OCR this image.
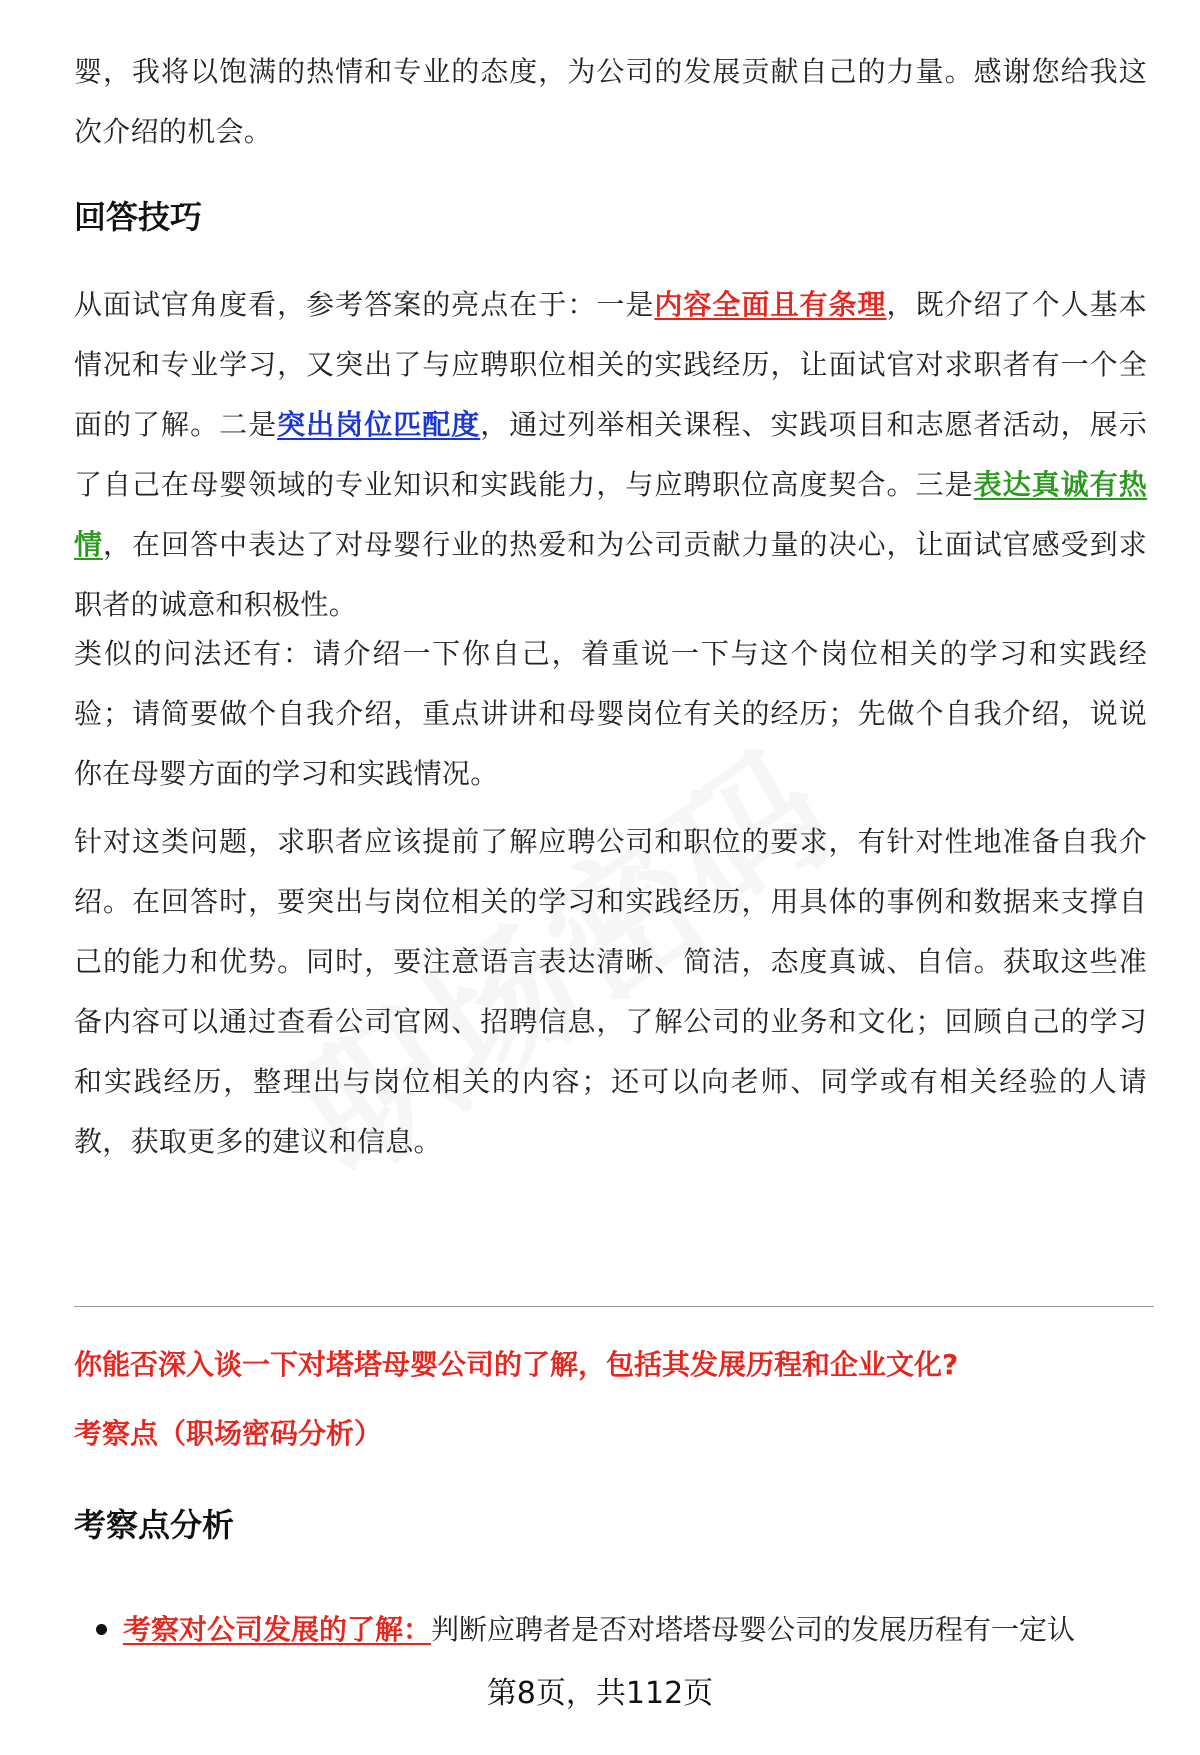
婴，我将以饱满的热情和专业的态度，为公司的发展贡献自己的力量。感谢您给我这次介绍的机会。

回答技巧

从面试官角度看，参考答案的亮点在于：一是内容全面且有条理，既介绍了个人基本情况和专业学习，又突出了与应聘职位相关的实践经历，让面试官对求职者有一个全面的了解。二是突出岗位匹配度，通过列举相关课程、实践项目和志愿者活动，展示了自己在母婴领域的专业知识和实践能力，与应聘职位高度契合。三是表达真诚有热情，在回答中表达了对母婴行业的热爱和为公司贡献力量的决心，让面试官感受到求职者的诚意和积极性。

类似的问法还有：请介绍一下你自己，着重说一下与这个岗位相关的学习和实践经验；请简要做个自我介绍，重点讲讲和母婴岗位有关的经历；先做个自我介绍，说说你在母婴方面的学习和实践情况。

针对这类问题，求职者应该提前了解应聘公司和职位的要求，有针对性地准备自我介绍。在回答时，要突出与岗位相关的学习和实践经历，用具体的事例和数据来支撑自己的能力和优势。同时，要注意语言表达清晰、简洁，态度真诚、自信。获取这些准备内容可以通过查看公司官网、招聘信息，了解公司的业务和文化；回顾自己的学习和实践经历，整理出与岗位相关的内容；还可以向老师、同学或有相关经验的人请教，获取更多的建议和信息。

你能否深入谈一下对塔塔母婴公司的了解，包括其发展历程和企业文化?

考察点（职场密码分析）

考察点分析
考察对公司发展的了解：判断应聘者是否对塔塔母婴公司的发展历程有一定认
第8页，共112页
